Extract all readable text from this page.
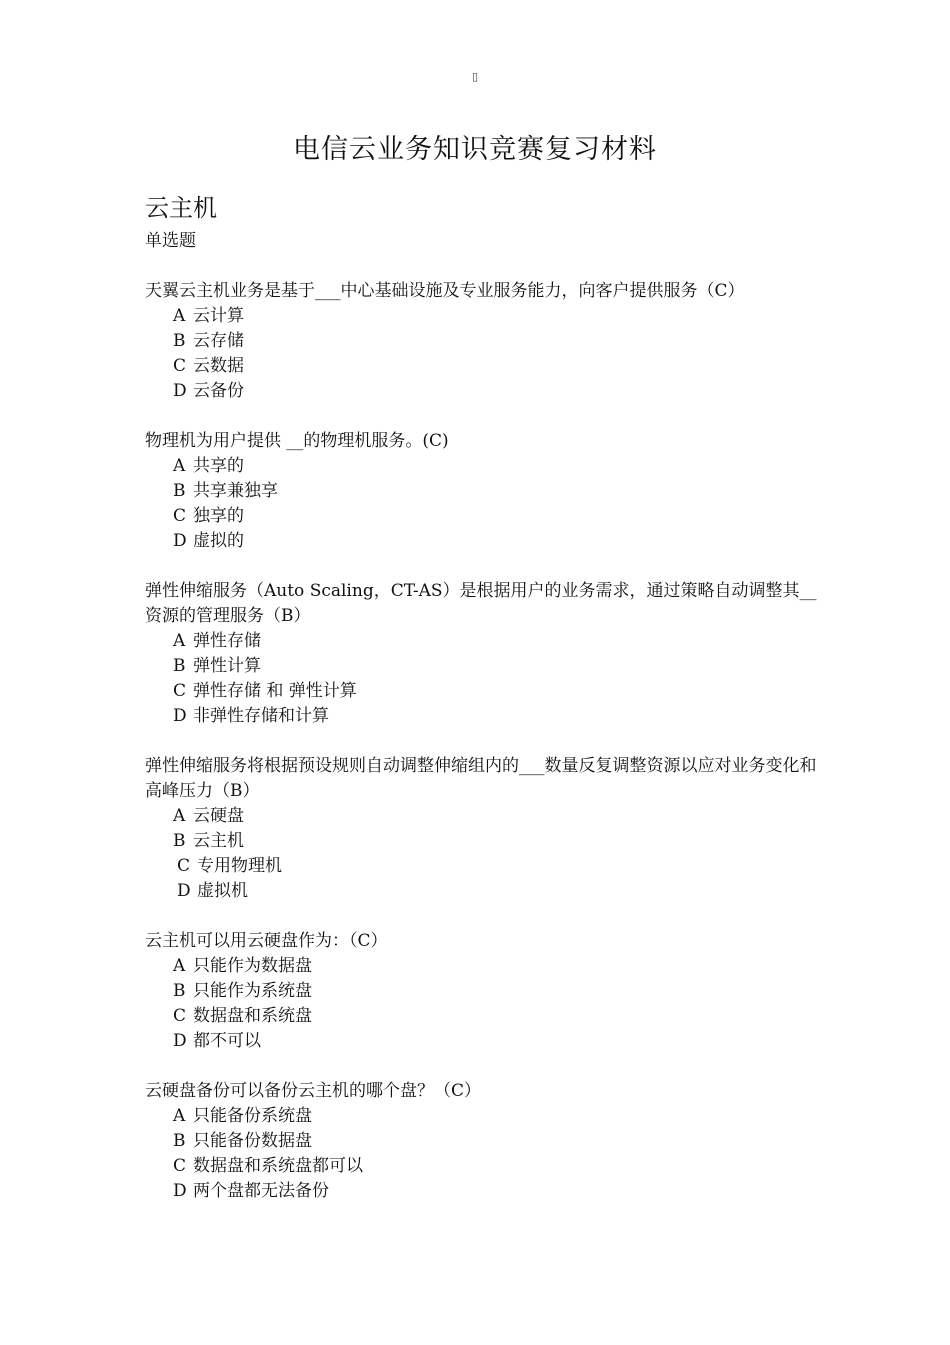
▯
电信云业务知识竞赛复习材料
云主机
单选题
天翼云主机业务是基于___中心基础设施及专业服务能力，向客户提供服务（C）
A 云计算
B 云存储
C 云数据
D 云备份
物理机为用户提供 __的物理机服务。(C)
A 共享的
B 共享兼独享
C 独享的
D 虚拟的
弹性伸缩服务（Auto Scaling，CT-AS）是根据用户的业务需求，通过策略自动调整其__资源的管理服务（B）
A 弹性存储
B 弹性计算
C 弹性存储 和 弹性计算
D 非弹性存储和计算
弹性伸缩服务将根据预设规则自动调整伸缩组内的___数量反复调整资源以应对业务变化和高峰压力（B）
A 云硬盘
B 云主机
C 专用物理机
D 虚拟机
云主机可以用云硬盘作为：（C）
A 只能作为数据盘
B 只能作为系统盘
C 数据盘和系统盘
D 都不可以
云硬盘备份可以备份云主机的哪个盘？（C）
A 只能备份系统盘
B 只能备份数据盘
C 数据盘和系统盘都可以
D 两个盘都无法备份
